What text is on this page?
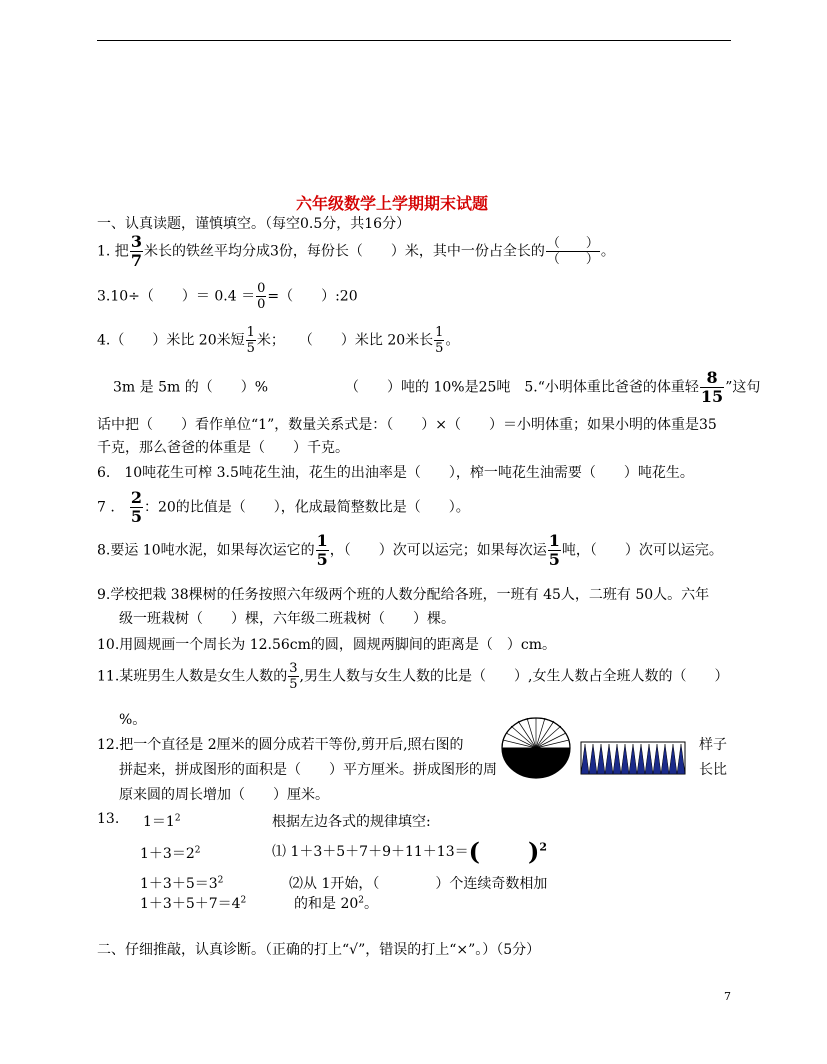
六年级数学上学期期末试题
一、认真读题，谨慎填空。（每空0.5分，共16分）
1. 把 $\frac{3}{7}$ 米长的铁丝平均分成3份，每份长（　　）米，其中一份占全长的 $\frac{( )}{( )}$ 。
3.10÷（　　）＝ $0.4 = \frac{0}{0}$ =（　　）:20
4.（　　）米比 20米短 $\frac{1}{5}$ 米；　　（　　）米比 20米长 $\frac{1}{5}$ 。
3m 是 5m 的（　　）%　　　　　　（　　）吨的 10%是25吨　5.“小明体重比爸爸的体重轻 $\frac{8}{15}$ ”这句
话中把（　　）看作单位“1”，数量关系式是：（　　）×（　　）＝小明体重；如果小明的体重是35
千克，那么爸爸的体重是（　　）千克。
6.　10吨花生可榨 3.5吨花生油，花生的出油率是（　　），榨一吨花生油需要（　　）吨花生。
7 .　 $\frac{2}{5}$ ：20的比值是（　　），化成最简整数比是（　　）。
8.要运 10吨水泥，如果每次运它的 $\frac{1}{5}$ ，（　　）次可以运完；如果每次运 $\frac{1}{5}$ 吨，（　　）次可以运完。
9.学校把栽 38棵树的任务按照六年级两个班的人数分配给各班，一班有 45人，二班有 50人。六年
级一班栽树（　　）棵，六年级二班栽树（　　）棵。
10.用圆规画一个周长为 12.56cm的圆，圆规两脚间的距离是（　）cm。
11.某班男生人数是女生人数的 $\frac{3}{5}$ ,男生人数与女生人数的比是（　　）,女生人数占全班人数的（　　）
%。
12.把一个直径是 2厘米的圆分成若干等份,剪开后,照右图的
拼起来，拼成图形的面积是（　　）平方厘米。拼成图形的周
原来圆的周长增加（　　）厘米。
样子
长比
13. $1=1^2$	根据左边各式的规律填空:
$1+3=2^2$	⑴ 1＋3＋5＋7＋9＋11＋13＝(　　)$^2$
$1+3+5=3^2$	⑵从 1开始，（　　　　）个连续奇数相加
$1+3+5+7=4^2$	的和是 $20^2$。
二、仔细推敲，认真诊断。（正确的打上“√”，错误的打上“×”。）（5分）
7
